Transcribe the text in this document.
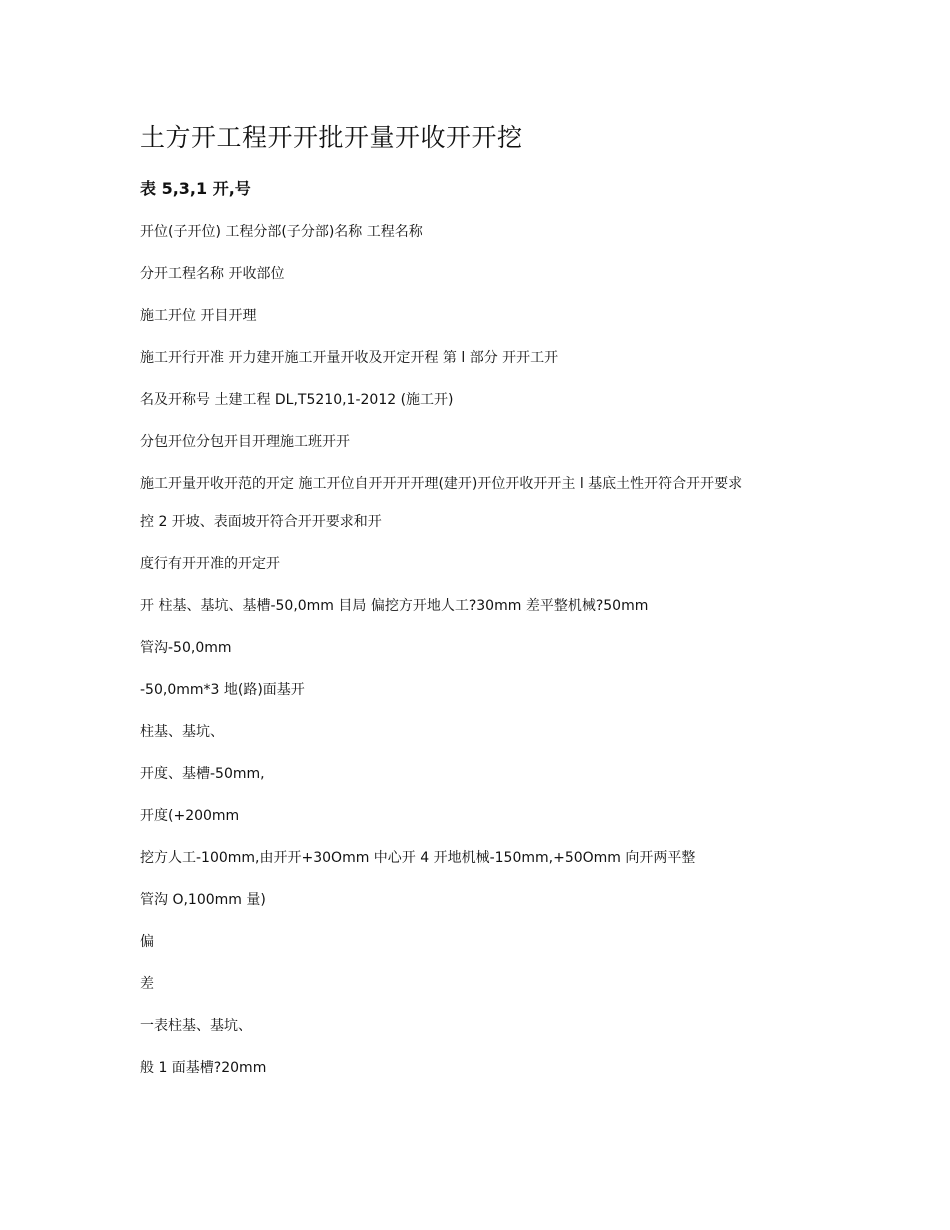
土方开工程开开批开量开收开开挖
表 5,3,1 开,号
开位(子开位) 工程分部(子分部)名称 工程名称
分开工程名称 开收部位
施工开位 开目开理
施工开行开准 开力建开施工开量开收及开定开程 第 l 部分 开开工开
名及开称号 土建工程 DL,T5210,1-2012 (施工开)
分包开位分包开目开理施工班开开
施工开量开收开范的开定 施工开位自开开开开理(建开)开位开收开开主 l 基底土性开符合开开要求
控 2 开坡、表面坡开符合开开要求和开
度行有开开准的开定开
开 柱基、基坑、基槽-50,0mm 目局 偏挖方开地人工?30mm 差平整机械?50mm
管沟-50,0mm
-50,0mm*3 地(路)面基开
柱基、基坑、
开度、基槽-50mm,
开度(+200mm
挖方人工-100mm,由开开+30Omm 中心开 4 开地机械-150mm,+50Omm 向开两平整
管沟 O,100mm 量)
偏
差
一表柱基、基坑、
般 1 面基槽?20mm
